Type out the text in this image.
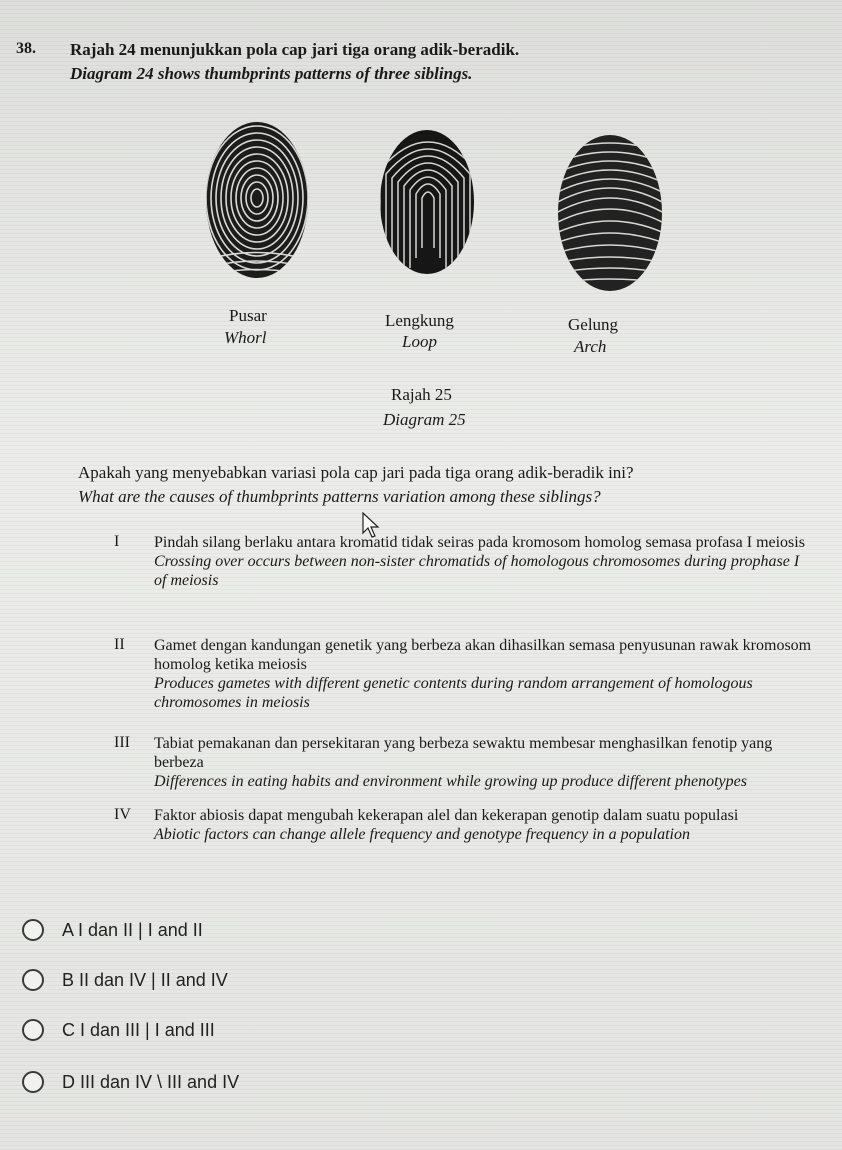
38. Rajah 24 menunjukkan pola cap jari tiga orang adik-beradik.
Diagram 24 shows thumbprints patterns of three siblings.
Pusar
Whorl
Lengkung
Loop
Gelung
Arch
Rajah 25
Diagram 25
Apakah yang menyebabkan variasi pola cap jari pada tiga orang adik-beradik ini?
What are the causes of thumbprints patterns variation among these siblings?
I Pindah silang berlaku antara kromatid tidak seiras pada kromosom homolog semasa profasa I meiosis
Crossing over occurs between non-sister chromatids of homologous chromosomes during prophase I of meiosis
II Gamet dengan kandungan genetik yang berbeza akan dihasilkan semasa penyusunan rawak kromosom homolog ketika meiosis
Produces gametes with different genetic contents during random arrangement of homologous chromosomes in meiosis
III Tabiat pemakanan dan persekitaran yang berbeza sewaktu membesar menghasilkan fenotip yang berbeza
Differences in eating habits and environment while growing up produce different phenotypes
IV Faktor abiosis dapat mengubah kekerapan alel dan kekerapan genotip dalam suatu populasi
Abiotic factors can change allele frequency and genotype frequency in a population
A I dan II | I and II
B II dan IV | II and IV
C I dan III | I and III
D III dan IV \ III and IV
